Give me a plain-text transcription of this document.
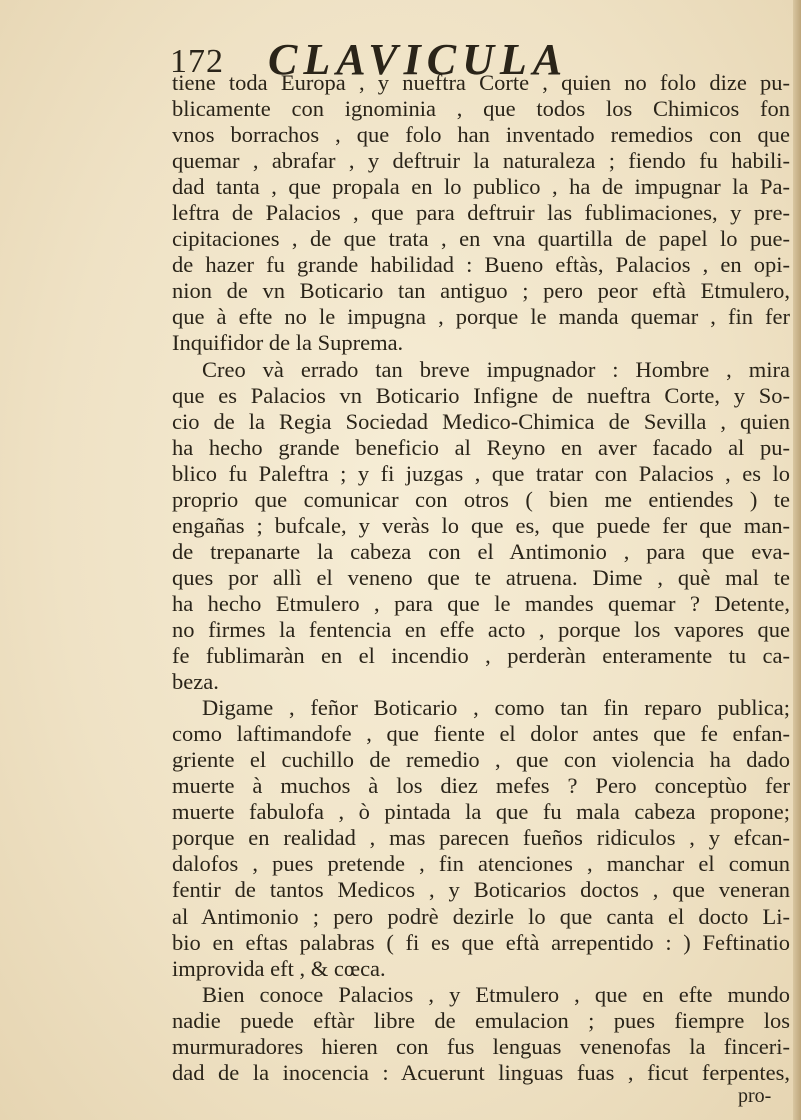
172 CLAVICULA
tiene toda Europa , y nueftra Corte , quien no folo dize pu-
blicamente con ignominia , que todos los Chimicos fon
vnos borrachos , que folo han inventado remedios con que
quemar , abrafar , y deftruir la naturaleza ; fiendo fu habili-
dad tanta , que propala en lo publico , ha de impugnar la Pa-
leftra de Palacios , que para deftruir las fublimaciones, y pre-
cipitaciones , de que trata , en vna quartilla de papel lo pue-
de hazer fu grande habilidad : Bueno eftàs, Palacios , en opi-
nion de vn Boticario tan antiguo ; pero peor eftà Etmulero,
que à efte no le impugna , porque le manda quemar , fin fer
Inquifidor de la Suprema.
Creo và errado tan breve impugnador : Hombre , mira
que es Palacios vn Boticario Infigne de nueftra Corte, y So-
cio de la Regia Sociedad Medico-Chimica de Sevilla , quien
ha hecho grande beneficio al Reyno en aver facado al pu-
blico fu Paleftra ; y fi juzgas , que tratar con Palacios , es lo
proprio que comunicar con otros ( bien me entiendes ) te
engañas ; bufcale, y veràs lo que es, que puede fer que man-
de trepanarte la cabeza con el Antimonio , para que eva-
ques por allì el veneno que te atruena. Dime , què mal te
ha hecho Etmulero , para que le mandes quemar ? Detente,
no firmes la fentencia en effe acto , porque los vapores que
fe fublimaràn en el incendio , perderàn enteramente tu ca-
beza.
Digame , feñor Boticario , como tan fin reparo publica;
como laftimandofe , que fiente el dolor antes que fe enfan-
griente el cuchillo de remedio , que con violencia ha dado
muerte à muchos à los diez mefes ? Pero conceptùo fer
muerte fabulofa , ò pintada la que fu mala cabeza propone;
porque en realidad , mas parecen fueños ridiculos , y efcan-
dalofos , pues pretende , fin atenciones , manchar el comun
fentir de tantos Medicos , y Boticarios doctos , que veneran
al Antimonio ; pero podrè dezirle lo que canta el docto Li-
bio en eftas palabras ( fi es que eftà arrepentido : ) Feftinatio
improvida eft , & cœca.
Bien conoce Palacios , y Etmulero , que en efte mundo
nadie puede eftàr libre de emulacion ; pues fiempre los
murmuradores hieren con fus lenguas venenofas la finceri-
dad de la inocencia : Acuerunt linguas fuas , ficut ferpentes,
pro-
